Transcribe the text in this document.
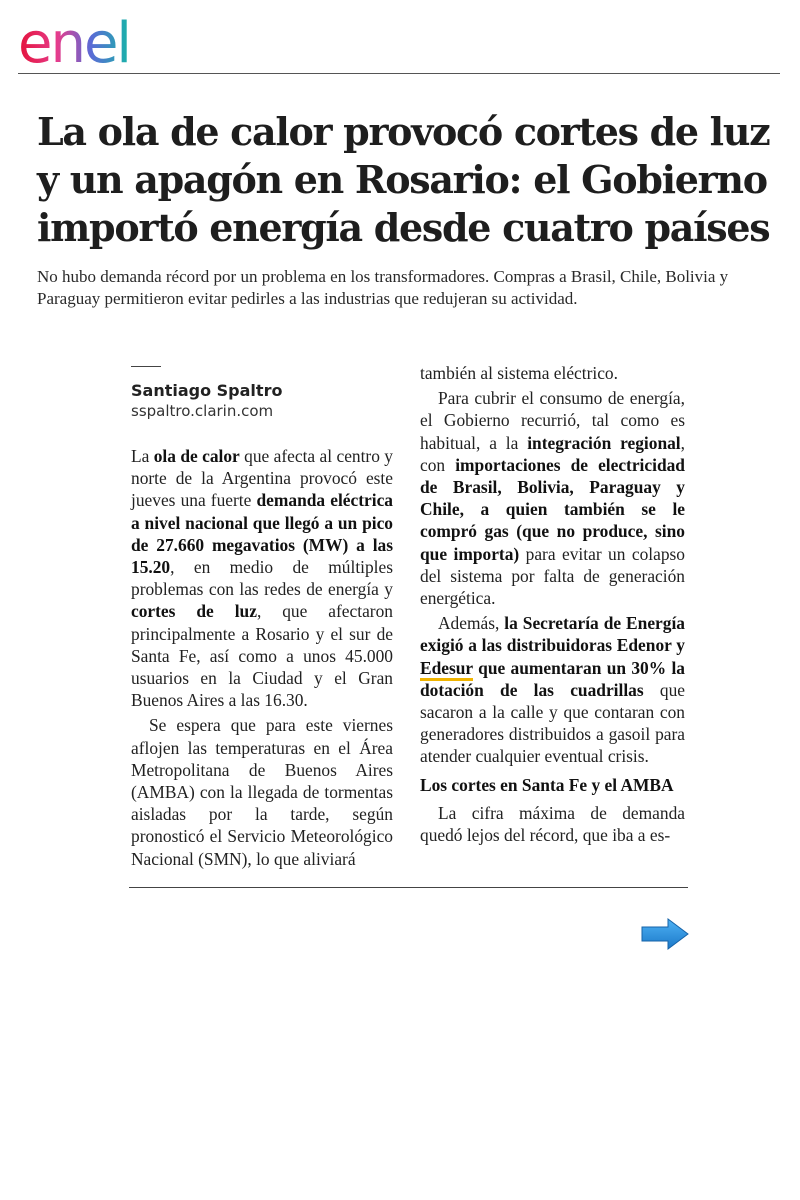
enel
La ola de calor provocó cortes de luz y un apagón en Rosario: el Gobierno importó energía desde cuatro países

No hubo demanda récord por un problema en los transformadores. Compras a Brasil, Chile, Bolivia y Paraguay permitieron evitar pedirles a las industrias que redujeran su actividad.

Santiago Spaltro
sspaltro.clarin.com

La ola de calor que afecta al centro y norte de la Argentina provocó este jueves una fuerte demanda eléctrica a nivel nacional que llegó a un pico de 27.660 megavatios (MW) a las 15.20, en medio de múltiples problemas con las redes de energía y cortes de luz, que afectaron principalmente a Rosario y el sur de Santa Fe, así como a unos 45.000 usuarios en la Ciudad y el Gran Buenos Aires a las 16.30.

Se espera que para este viernes aflojen las temperaturas en el Área Metropolitana de Buenos Aires (AMBA) con la llegada de tormentas aisladas por la tarde, según pronosticó el Servicio Meteorológico Nacional (SMN), lo que aliviará

también al sistema eléctrico.

Para cubrir el consumo de energía, el Gobierno recurrió, tal como es habitual, a la integración regional, con importaciones de electricidad de Brasil, Bolivia, Paraguay y Chile, a quien también se le compró gas (que no produce, sino que importa) para evitar un colapso del sistema por falta de generación energética.

Además, la Secretaría de Energía exigió a las distribuidoras Edenor y Edesur que aumentaran un 30% la dotación de las cuadrillas que sacaron a la calle y que contaran con generadores distribuidos a gasoil para atender cualquier eventual crisis.

Los cortes en Santa Fe y el AMBA

La cifra máxima de demanda quedó lejos del récord, que iba a es-
